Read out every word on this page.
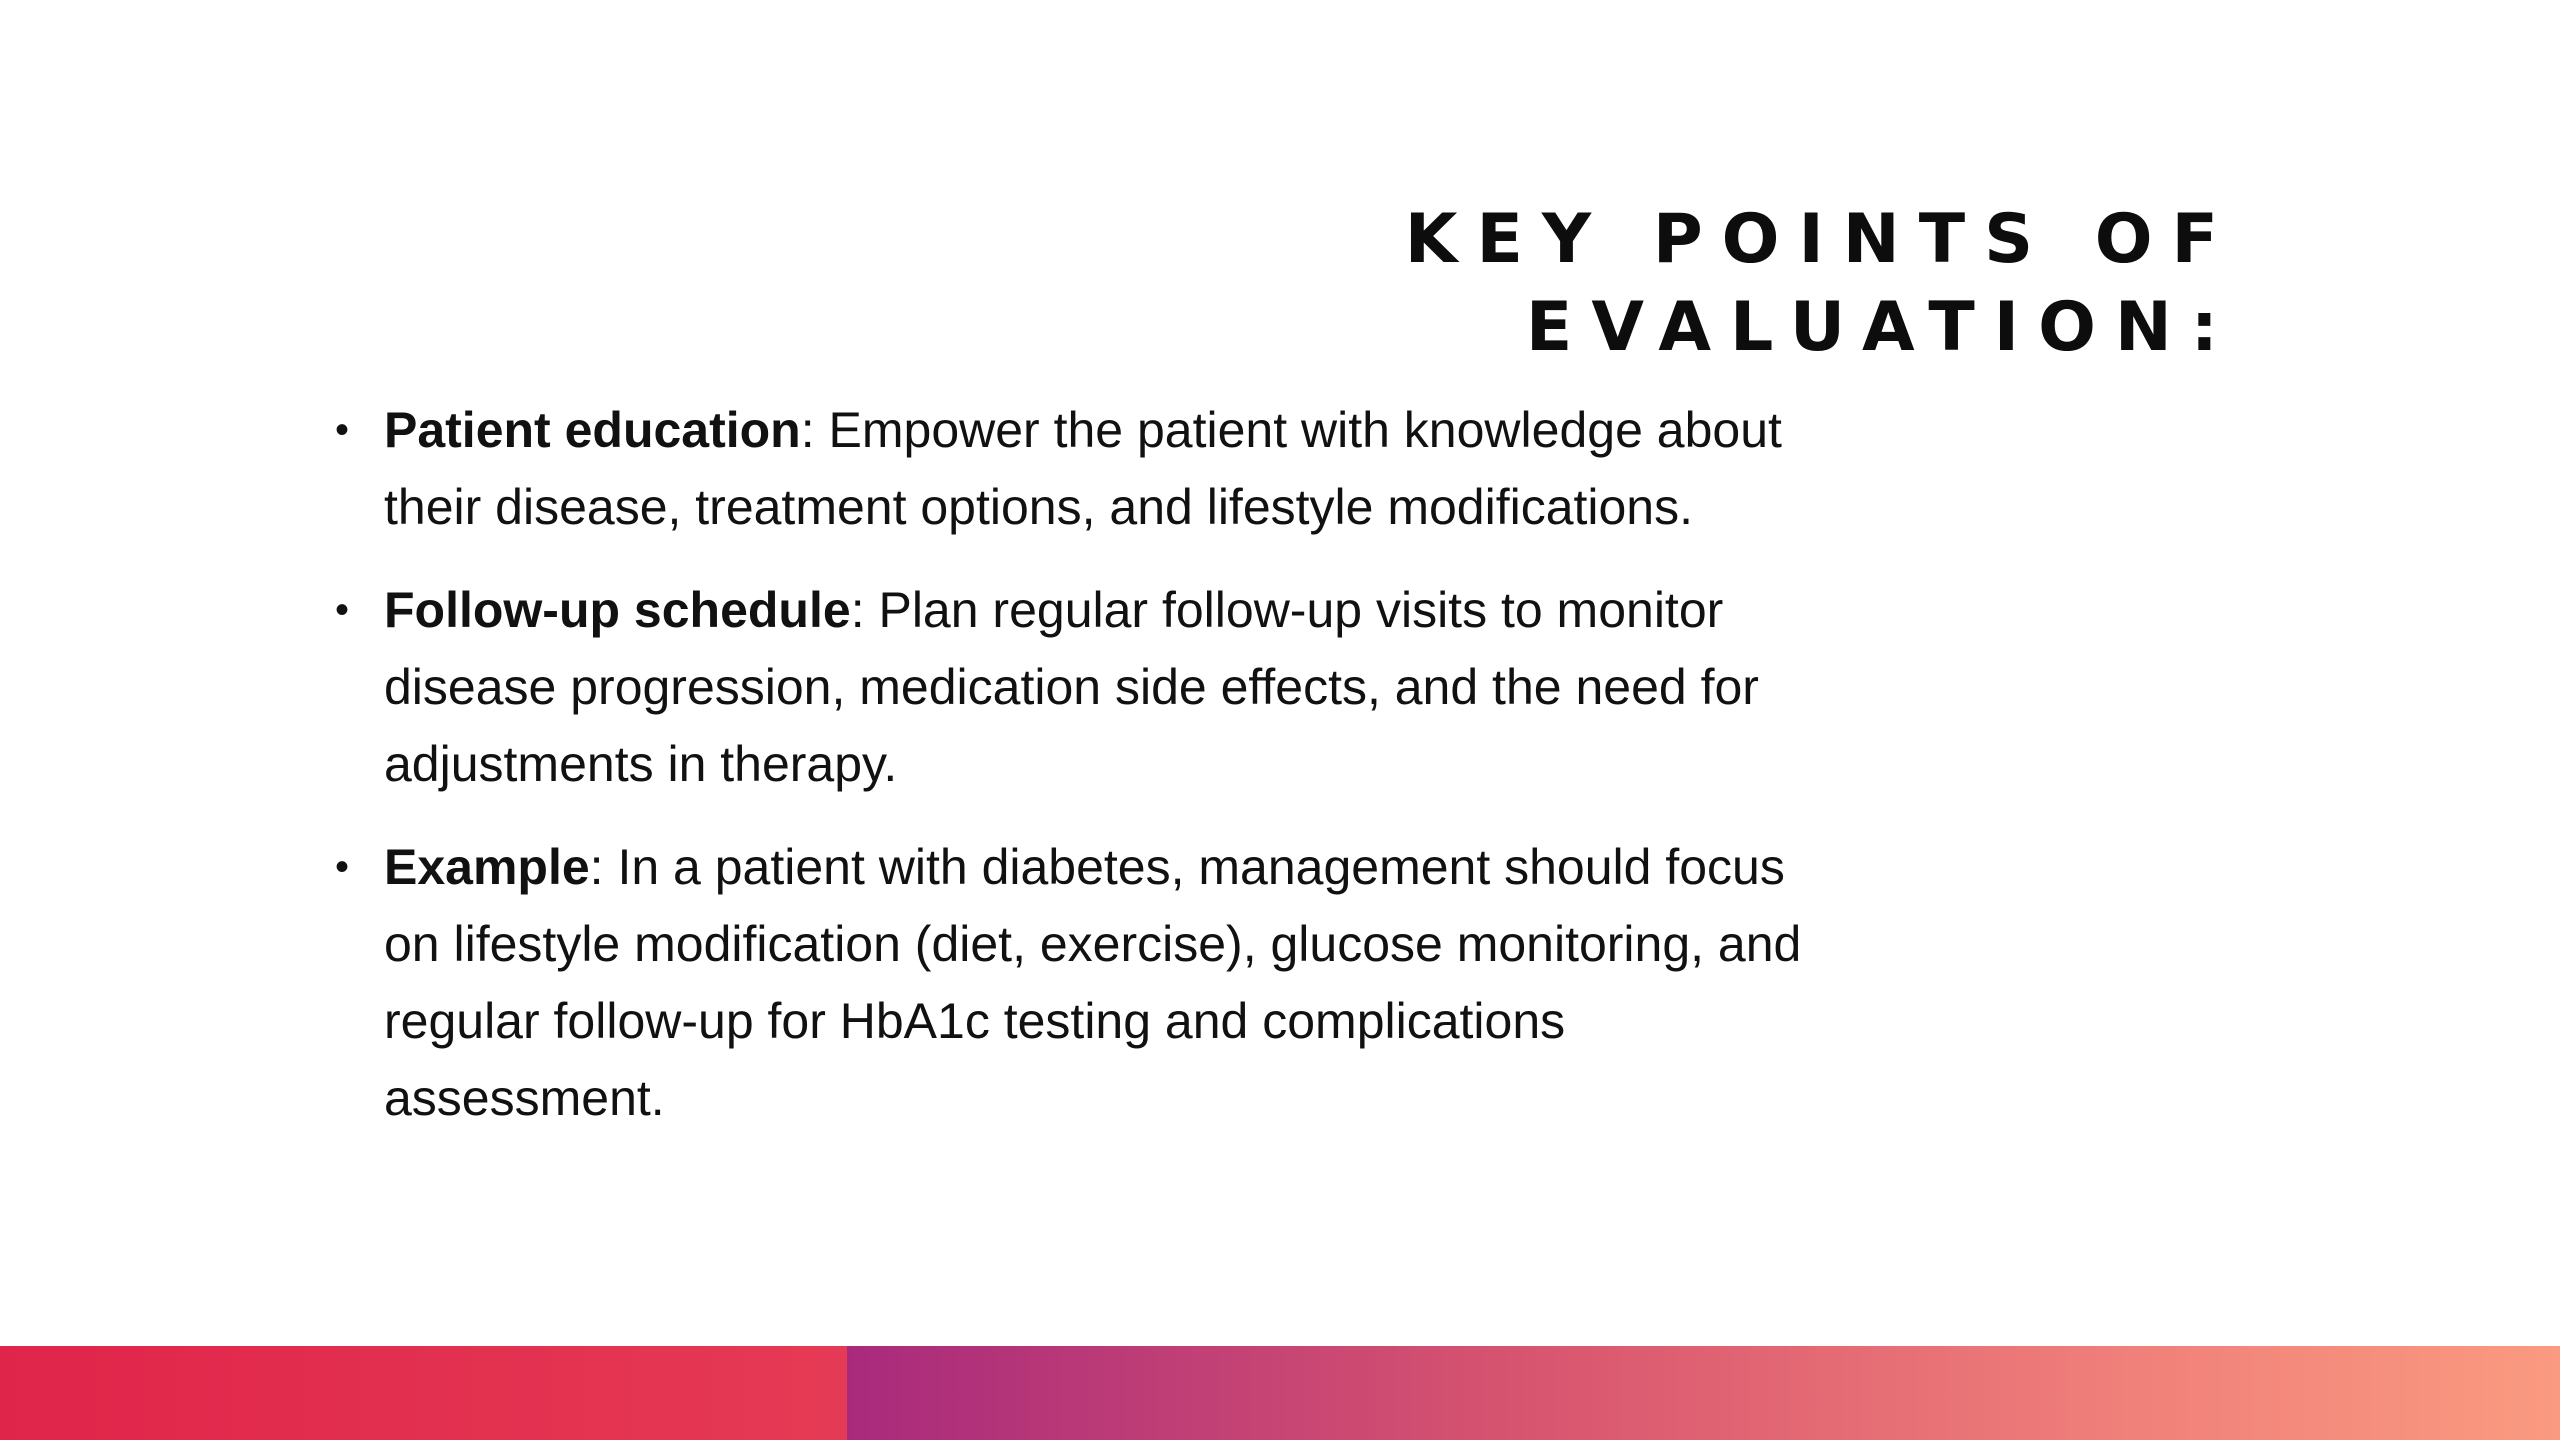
KEY POINTS OF
EVALUATION:
• Patient education: Empower the patient with knowledge about their disease, treatment options, and lifestyle modifications.
• Follow-up schedule: Plan regular follow-up visits to monitor disease progression, medication side effects, and the need for adjustments in therapy.
• Example: In a patient with diabetes, management should focus on lifestyle modification (diet, exercise), glucose monitoring, and regular follow-up for HbA1c testing and complications assessment.
